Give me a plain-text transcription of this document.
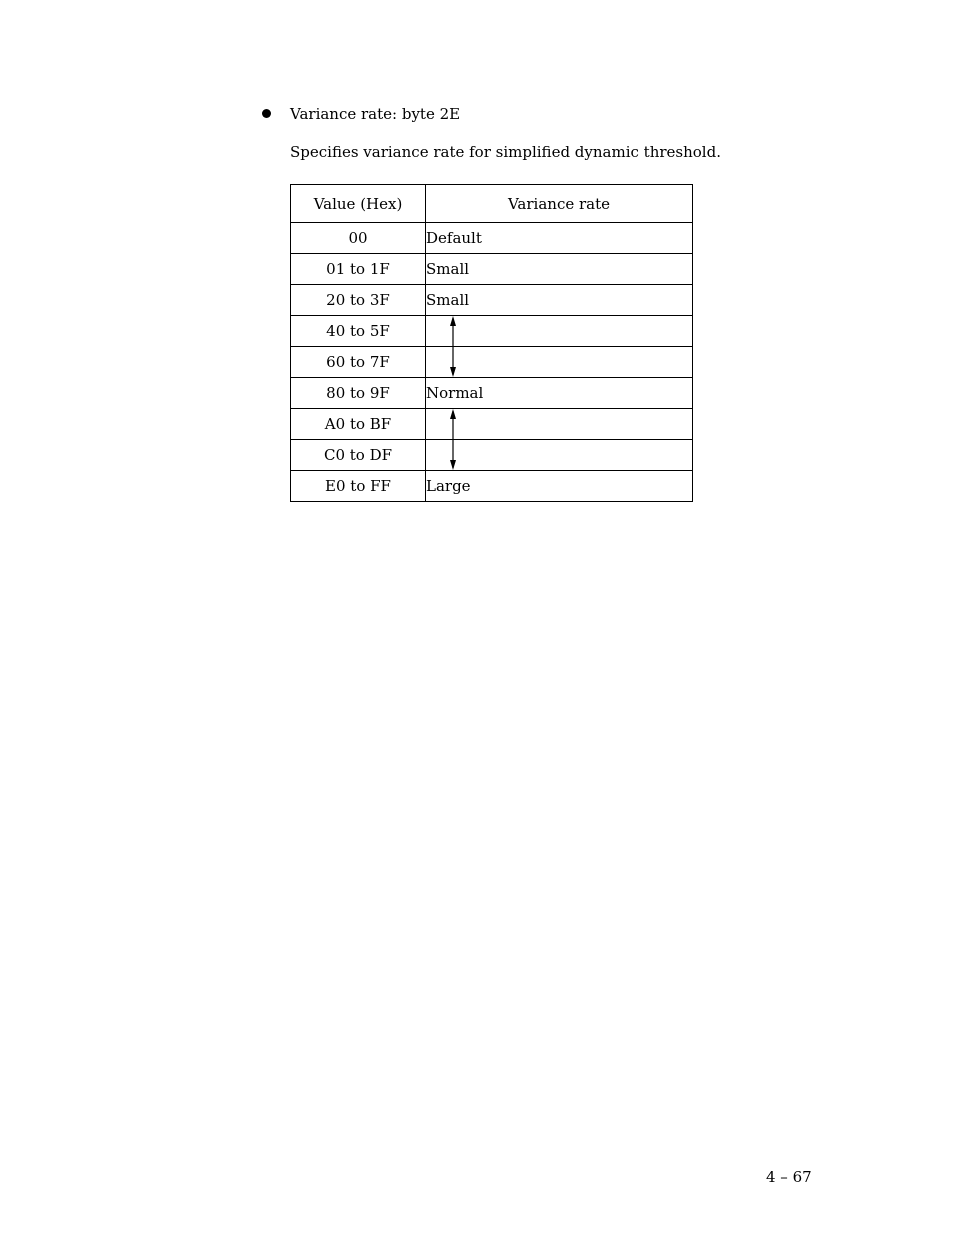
Variance rate: byte 2E
Specifies variance rate for simplified dynamic threshold.
Value (Hex)	Variance rate
00	Default
01 to 1F	Small
20 to 3F	Small
40 to 5F	

60 to 7F	

80 to 9F	Normal
A0 to BF	

C0 to DF	

E0 to FF	Large
4 – 67
